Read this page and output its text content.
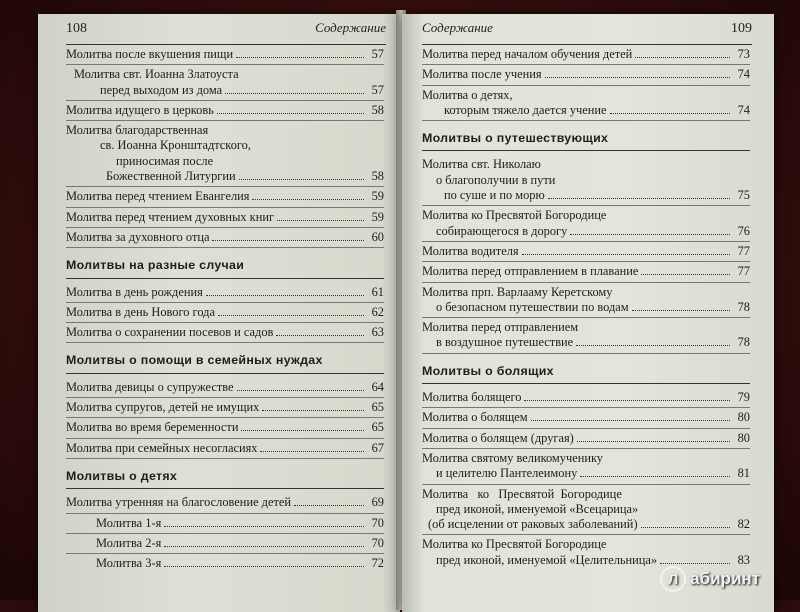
108	Содержание
Молитва после вкушения пищи	57
Молитва свт. Иоанна Златоуста
перед выходом из дома	57
Молитва идущего в церковь	58
Молитва благодарственная
св. Иоанна Кронштадтского,
приносимая после
Божественной Литургии	58
Молитва перед чтением Евангелия	59
Молитва перед чтением духовных книг	59
Молитва за духовного отца	60
Молитвы на разные случаи
Молитва в день рождения	61
Молитва в день Нового года	62
Молитва о сохранении посевов и садов	63
Молитвы о помощи в семейных нуждах
Молитва девицы о супружестве	64
Молитва супругов, детей не имущих	65
Молитва во время беременности	65
Молитва при семейных несогласиях	67
Молитвы о детях
Молитва утренняя на благословение детей	69
Молитва 1-я	70
Молитва 2-я	70
Молитва 3-я	72
Содержание	109
Молитва перед началом обучения детей	73
Молитва после учения	74
Молитва о детях,
которым тяжело дается учение	74
Молитвы о путешествующих
Молитва свт. Николаю
о благополучии в пути
по суше и по морю	75
Молитва ко Пресвятой Богородице
собирающегося в дорогу	76
Молитва водителя	77
Молитва перед отправлением в плавание	77
Молитва прп. Варлааму Керетскому
о безопасном путешествии по водам	78
Молитва перед отправлением
в воздушное путешествие	78
Молитвы о болящих
Молитва болящего	79
Молитва о болящем	80
Молитва о болящем (другая)	80
Молитва святому великомученику
и целителю Пантелеимону	81
Молитва   ко   Пресвятой  Богородице
пред иконой, именуемой «Всецарица»
(об исцелении от раковых заболеваний)	82
Молитва ко Пресвятой Богородице
пред иконой, именуемой «Целительница»	83
Л абиринт
